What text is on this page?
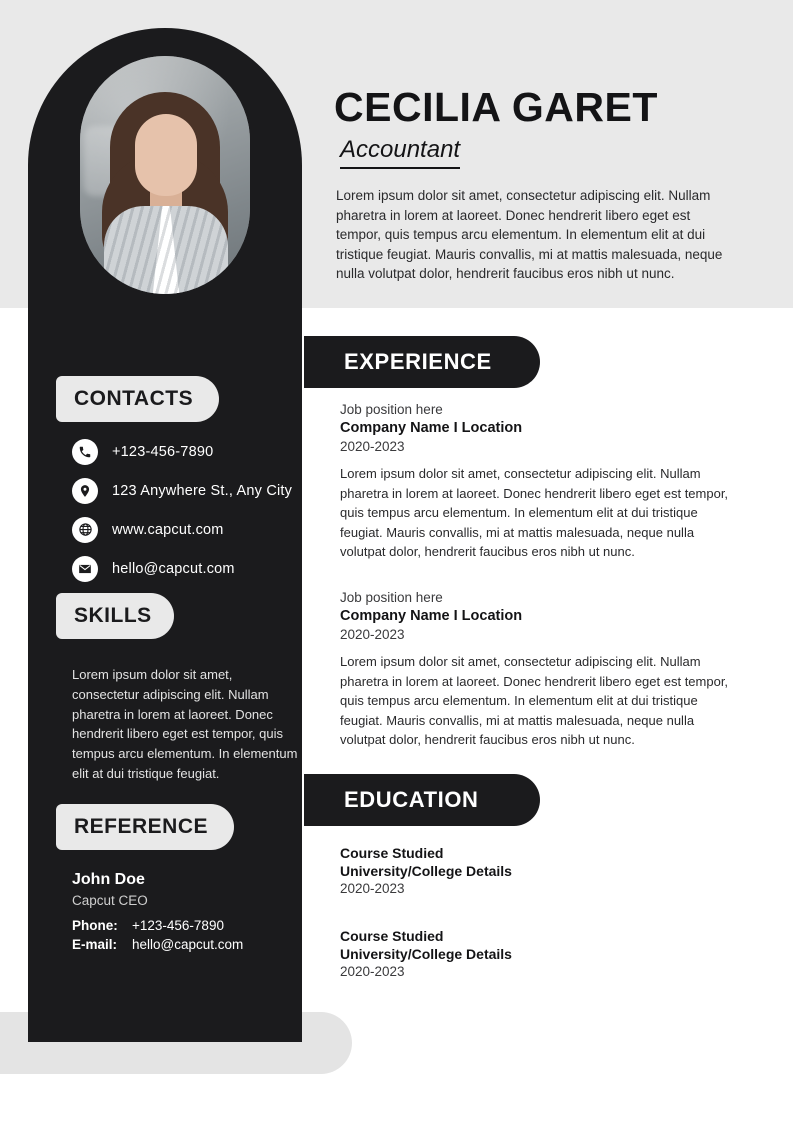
CONTACTS
+123-456-7890
123 Anywhere St., Any City
www.capcut.com
hello@capcut.com
SKILLS
Lorem ipsum dolor sit amet, consectetur adipiscing elit. Nullam pharetra in lorem at laoreet. Donec hendrerit libero eget est tempor, quis tempus arcu elementum. In elementum elit at dui tristique feugiat.
REFERENCE
John Doe
Capcut CEO
Phone:	+123-456-7890
E-mail:	hello@capcut.com
CECILIA GARET
Accountant
Lorem ipsum dolor sit amet, consectetur adipiscing elit. Nullam pharetra in lorem at laoreet. Donec hendrerit libero eget est tempor, quis tempus arcu elementum. In elementum elit at dui tristique feugiat. Mauris convallis, mi at mattis malesuada, neque nulla volutpat dolor, hendrerit faucibus eros nibh ut nunc.
EXPERIENCE
Job position here
Company Name I Location
2020-2023
Lorem ipsum dolor sit amet, consectetur adipiscing elit. Nullam pharetra in lorem at laoreet. Donec hendrerit libero eget est tempor, quis tempus arcu elementum. In elementum elit at dui tristique feugiat. Mauris convallis, mi at mattis malesuada, neque nulla volutpat dolor, hendrerit faucibus eros nibh ut nunc.
Job position here
Company Name I Location
2020-2023
Lorem ipsum dolor sit amet, consectetur adipiscing elit. Nullam pharetra in lorem at laoreet. Donec hendrerit libero eget est tempor, quis tempus arcu elementum. In elementum elit at dui tristique feugiat. Mauris convallis, mi at mattis malesuada, neque nulla volutpat dolor, hendrerit faucibus eros nibh ut nunc.
EDUCATION
Course Studied
University/College Details
2020-2023
Course Studied
University/College Details
2020-2023
